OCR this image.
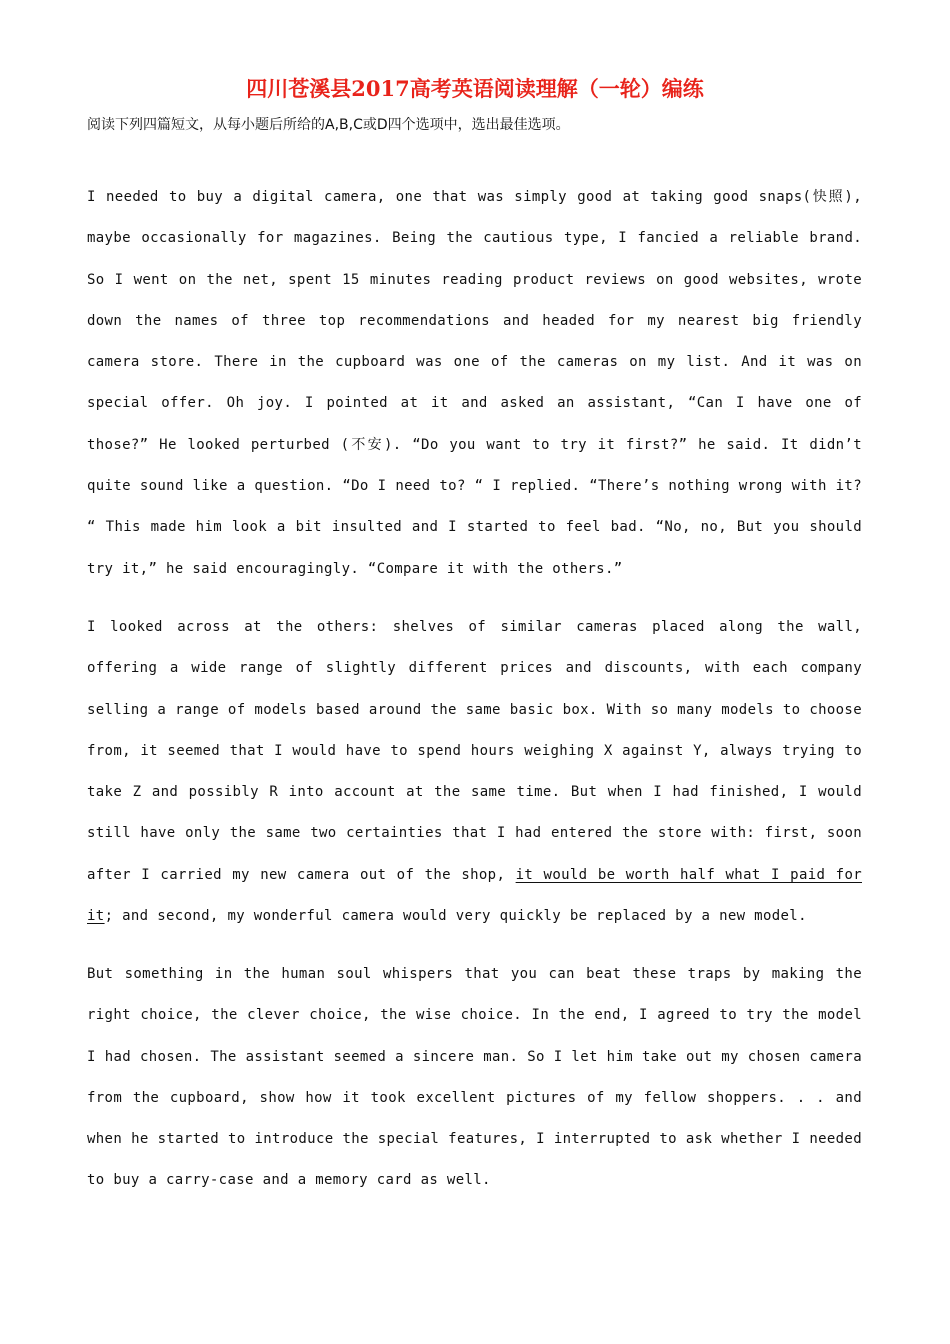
四川苍溪县2017高考英语阅读理解（一轮）编练
阅读下列四篇短文，从每小题后所给的A,B,C或D四个选项中，选出最佳选项。

I needed to buy a digital camera, one that was simply good at taking good snaps(快照), maybe occasionally for magazines. Being the cautious type, I fancied a reliable brand. So I went on the net, spent 15 minutes reading product reviews on good websites, wrote down the names of three top recommendations and headed for my nearest big friendly camera store. There in the cupboard was one of the cameras on my list. And it was on special offer. Oh joy. I pointed at it and asked an assistant, “Can I have one of those?” He looked perturbed (不安). “Do you want to try it first?” he said. It didn’t quite sound like a question. “Do I need to? “ I replied. “There’s nothing wrong with it? “ This made him look a bit insulted and I started to feel bad. “No, no, But you should try it,” he said encouragingly. “Compare it with the others.”

I looked across at the others: shelves of similar cameras placed along the wall, offering a wide range of slightly different prices and discounts, with each company selling a range of models based around the same basic box. With so many models to choose from, it seemed that I would have to spend hours weighing X against Y, always trying to take Z and possibly R into account at the same time. But when I had finished, I would still have only the same two certainties that I had entered the store with: first, soon after I carried my new camera out of the shop, it would be worth half what I paid for it; and second, my wonderful camera would very quickly be replaced by a new model.

But something in the human soul whispers that you can beat these traps by making the right choice, the clever choice, the wise choice. In the end, I agreed to try the model I had chosen. The assistant seemed a sincere man. So I let him take out my chosen camera from the cupboard, show how it took excellent pictures of my fellow shoppers. . . and when he started to introduce the special features, I interrupted to ask whether I needed to buy a carry-case and a memory card as well.
